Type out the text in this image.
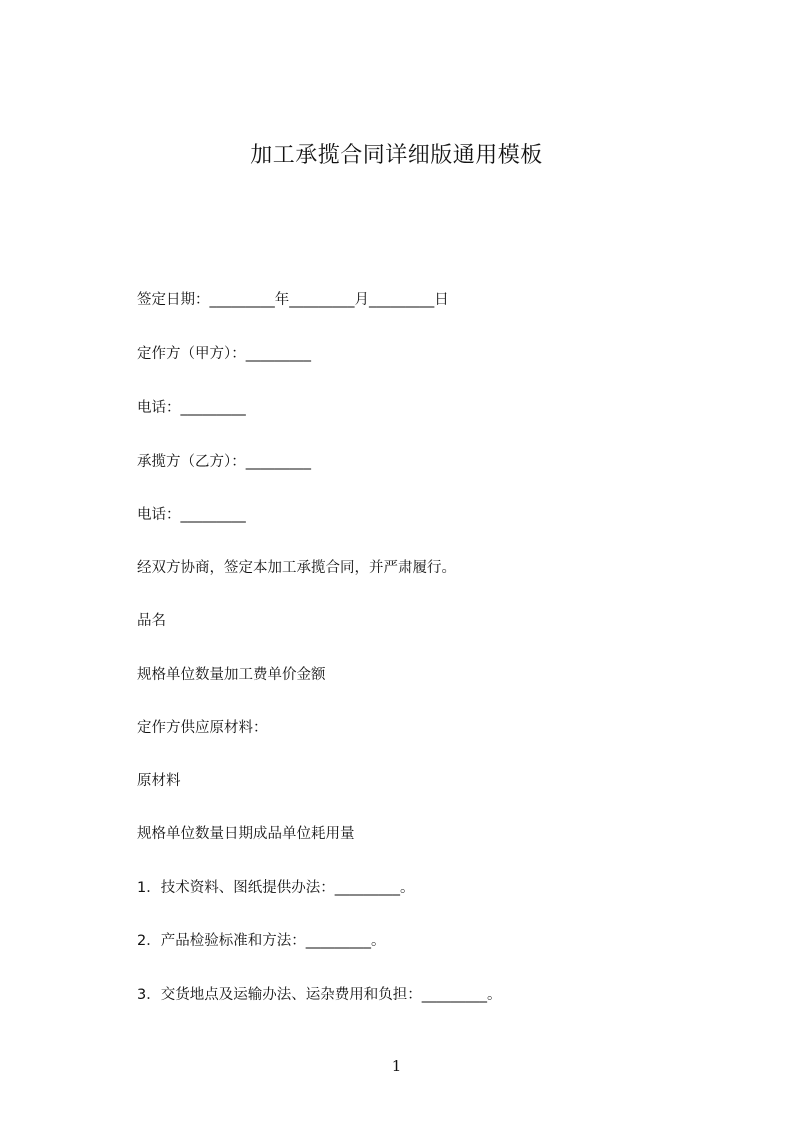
加工承揽合同详细版通用模板

签定日期：_________年_________月_________日

定作方（甲方）：_________

电话：_________

承揽方（乙方）：_________

电话：_________

经双方协商，签定本加工承揽合同，并严肃履行。

品名

规格单位数量加工费单价金额

定作方供应原材料：

原材料

规格单位数量日期成品单位耗用量

1．技术资料、图纸提供办法：_________。

2．产品检验标准和方法：_________。

3．交货地点及运输办法、运杂费用和负担：_________。

1
